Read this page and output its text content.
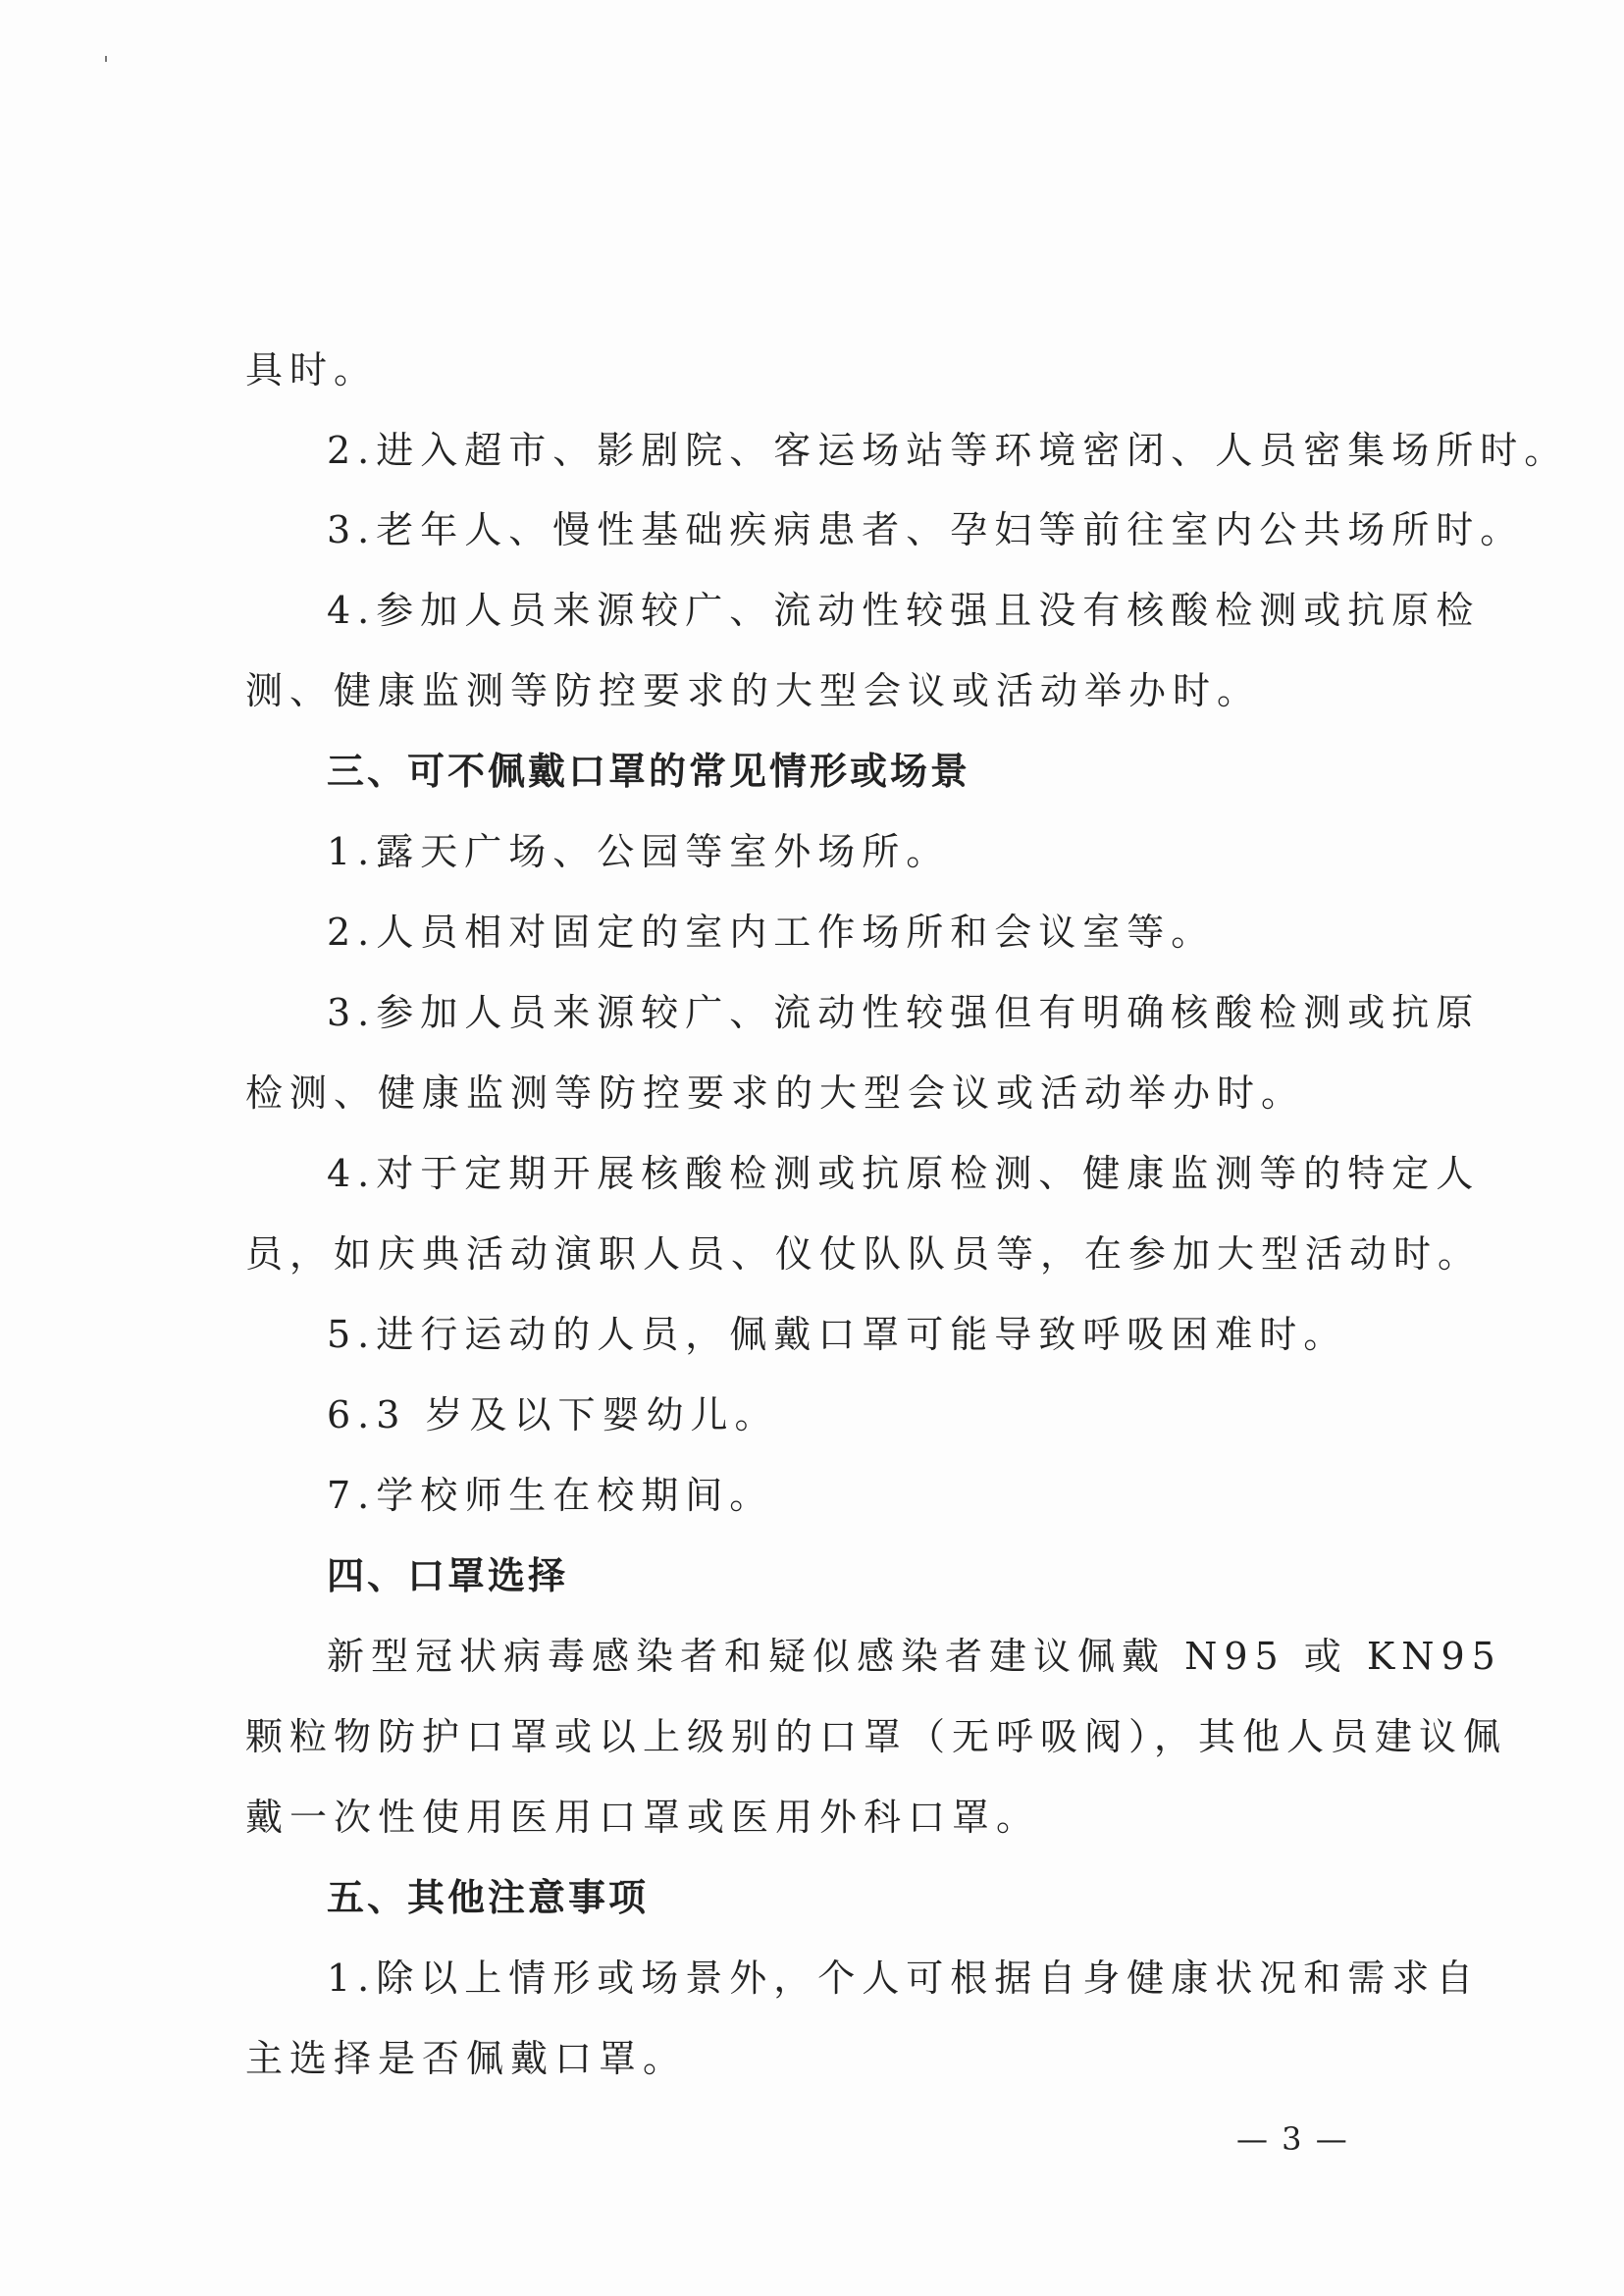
具时。

2.进入超市、影剧院、客运场站等环境密闭、人员密集场所时。

3.老年人、慢性基础疾病患者、孕妇等前往室内公共场所时。

4.参加人员来源较广、流动性较强且没有核酸检测或抗原检

测、健康监测等防控要求的大型会议或活动举办时。

三、可不佩戴口罩的常见情形或场景

1.露天广场、公园等室外场所。

2.人员相对固定的室内工作场所和会议室等。

3.参加人员来源较广、流动性较强但有明确核酸检测或抗原

检测、健康监测等防控要求的大型会议或活动举办时。

4.对于定期开展核酸检测或抗原检测、健康监测等的特定人

员，如庆典活动演职人员、仪仗队队员等，在参加大型活动时。

5.进行运动的人员，佩戴口罩可能导致呼吸困难时。

6.3 岁及以下婴幼儿。

7.学校师生在校期间。

四、口罩选择

新型冠状病毒感染者和疑似感染者建议佩戴 N95 或 KN95

颗粒物防护口罩或以上级别的口罩（无呼吸阀），其他人员建议佩

戴一次性使用医用口罩或医用外科口罩。

五、其他注意事项

1.除以上情形或场景外，个人可根据自身健康状况和需求自

主选择是否佩戴口罩。

— 3 —
